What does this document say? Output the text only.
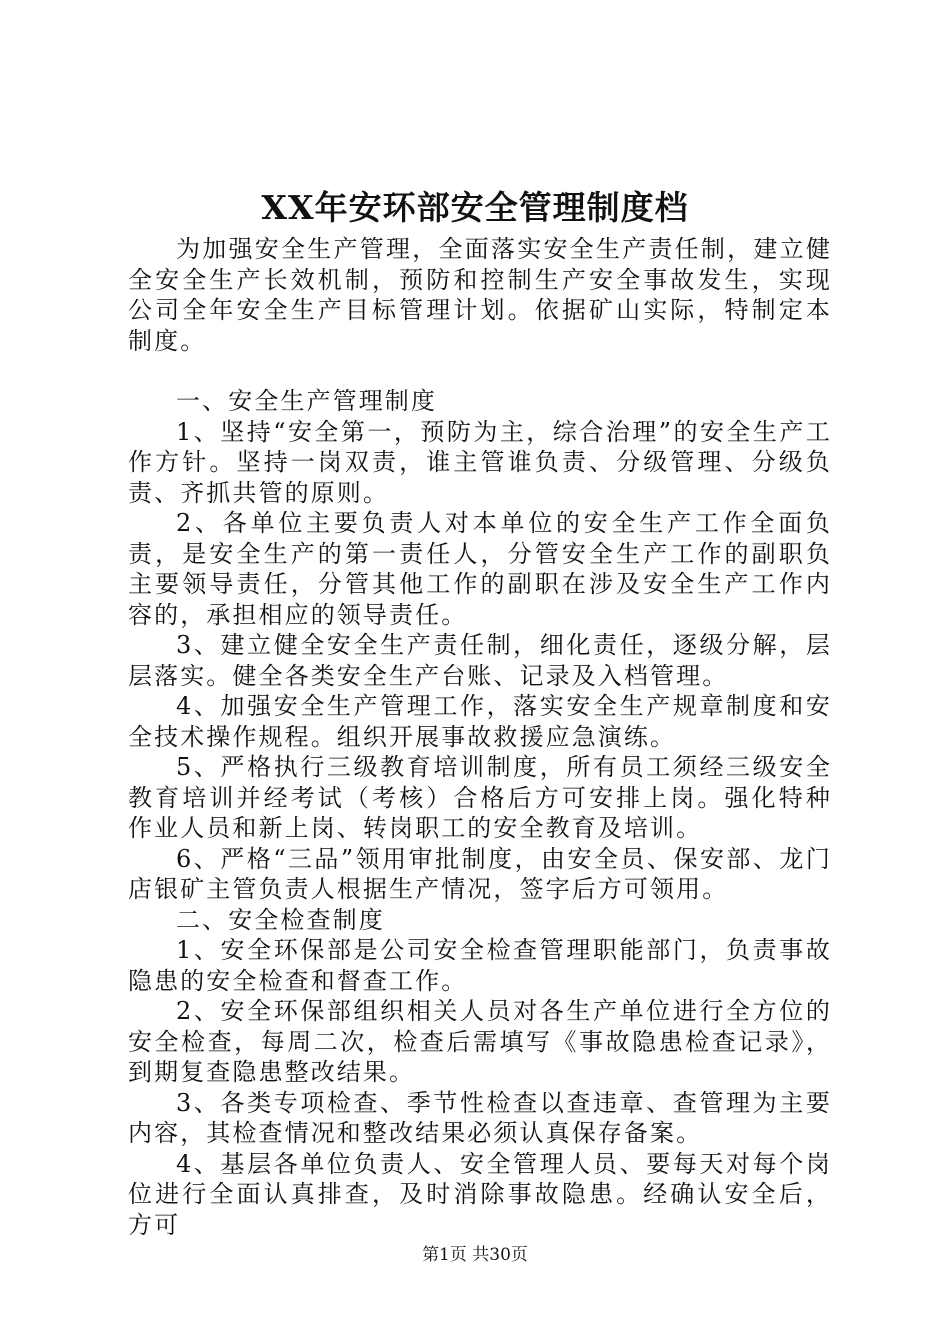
XX年安环部安全管理制度档

为加强安全生产管理，全面落实安全生产责任制，建立健全安全生产长效机制，预防和控制生产安全事故发生，实现公司全年安全生产目标管理计划。依据矿山实际，特制定本制度。

一、安全生产管理制度

1、坚持“安全第一，预防为主，综合治理”的安全生产工作方针。坚持一岗双责，谁主管谁负责、分级管理、分级负责、齐抓共管的原则。

2、各单位主要负责人对本单位的安全生产工作全面负责，是安全生产的第一责任人，分管安全生产工作的副职负主要领导责任，分管其他工作的副职在涉及安全生产工作内容的，承担相应的领导责任。

3、建立健全安全生产责任制，细化责任，逐级分解，层层落实。健全各类安全生产台账、记录及入档管理。

4、加强安全生产管理工作，落实安全生产规章制度和安全技术操作规程。组织开展事故救援应急演练。

5、严格执行三级教育培训制度，所有员工须经三级安全教育培训并经考试（考核）合格后方可安排上岗。强化特种作业人员和新上岗、转岗职工的安全教育及培训。

6、严格“三品”领用审批制度，由安全员、保安部、龙门店银矿主管负责人根据生产情况，签字后方可领用。

二、安全检查制度

1、安全环保部是公司安全检查管理职能部门，负责事故隐患的安全检查和督查工作。

2、安全环保部组织相关人员对各生产单位进行全方位的安全检查，每周二次，检查后需填写《事故隐患检查记录》，到期复查隐患整改结果。

3、各类专项检查、季节性检查以查违章、查管理为主要内容，其检查情况和整改结果必须认真保存备案。

4、基层各单位负责人、安全管理人员、要每天对每个岗位进行全面认真排查，及时消除事故隐患。经确认安全后，方可

第1页 共30页
